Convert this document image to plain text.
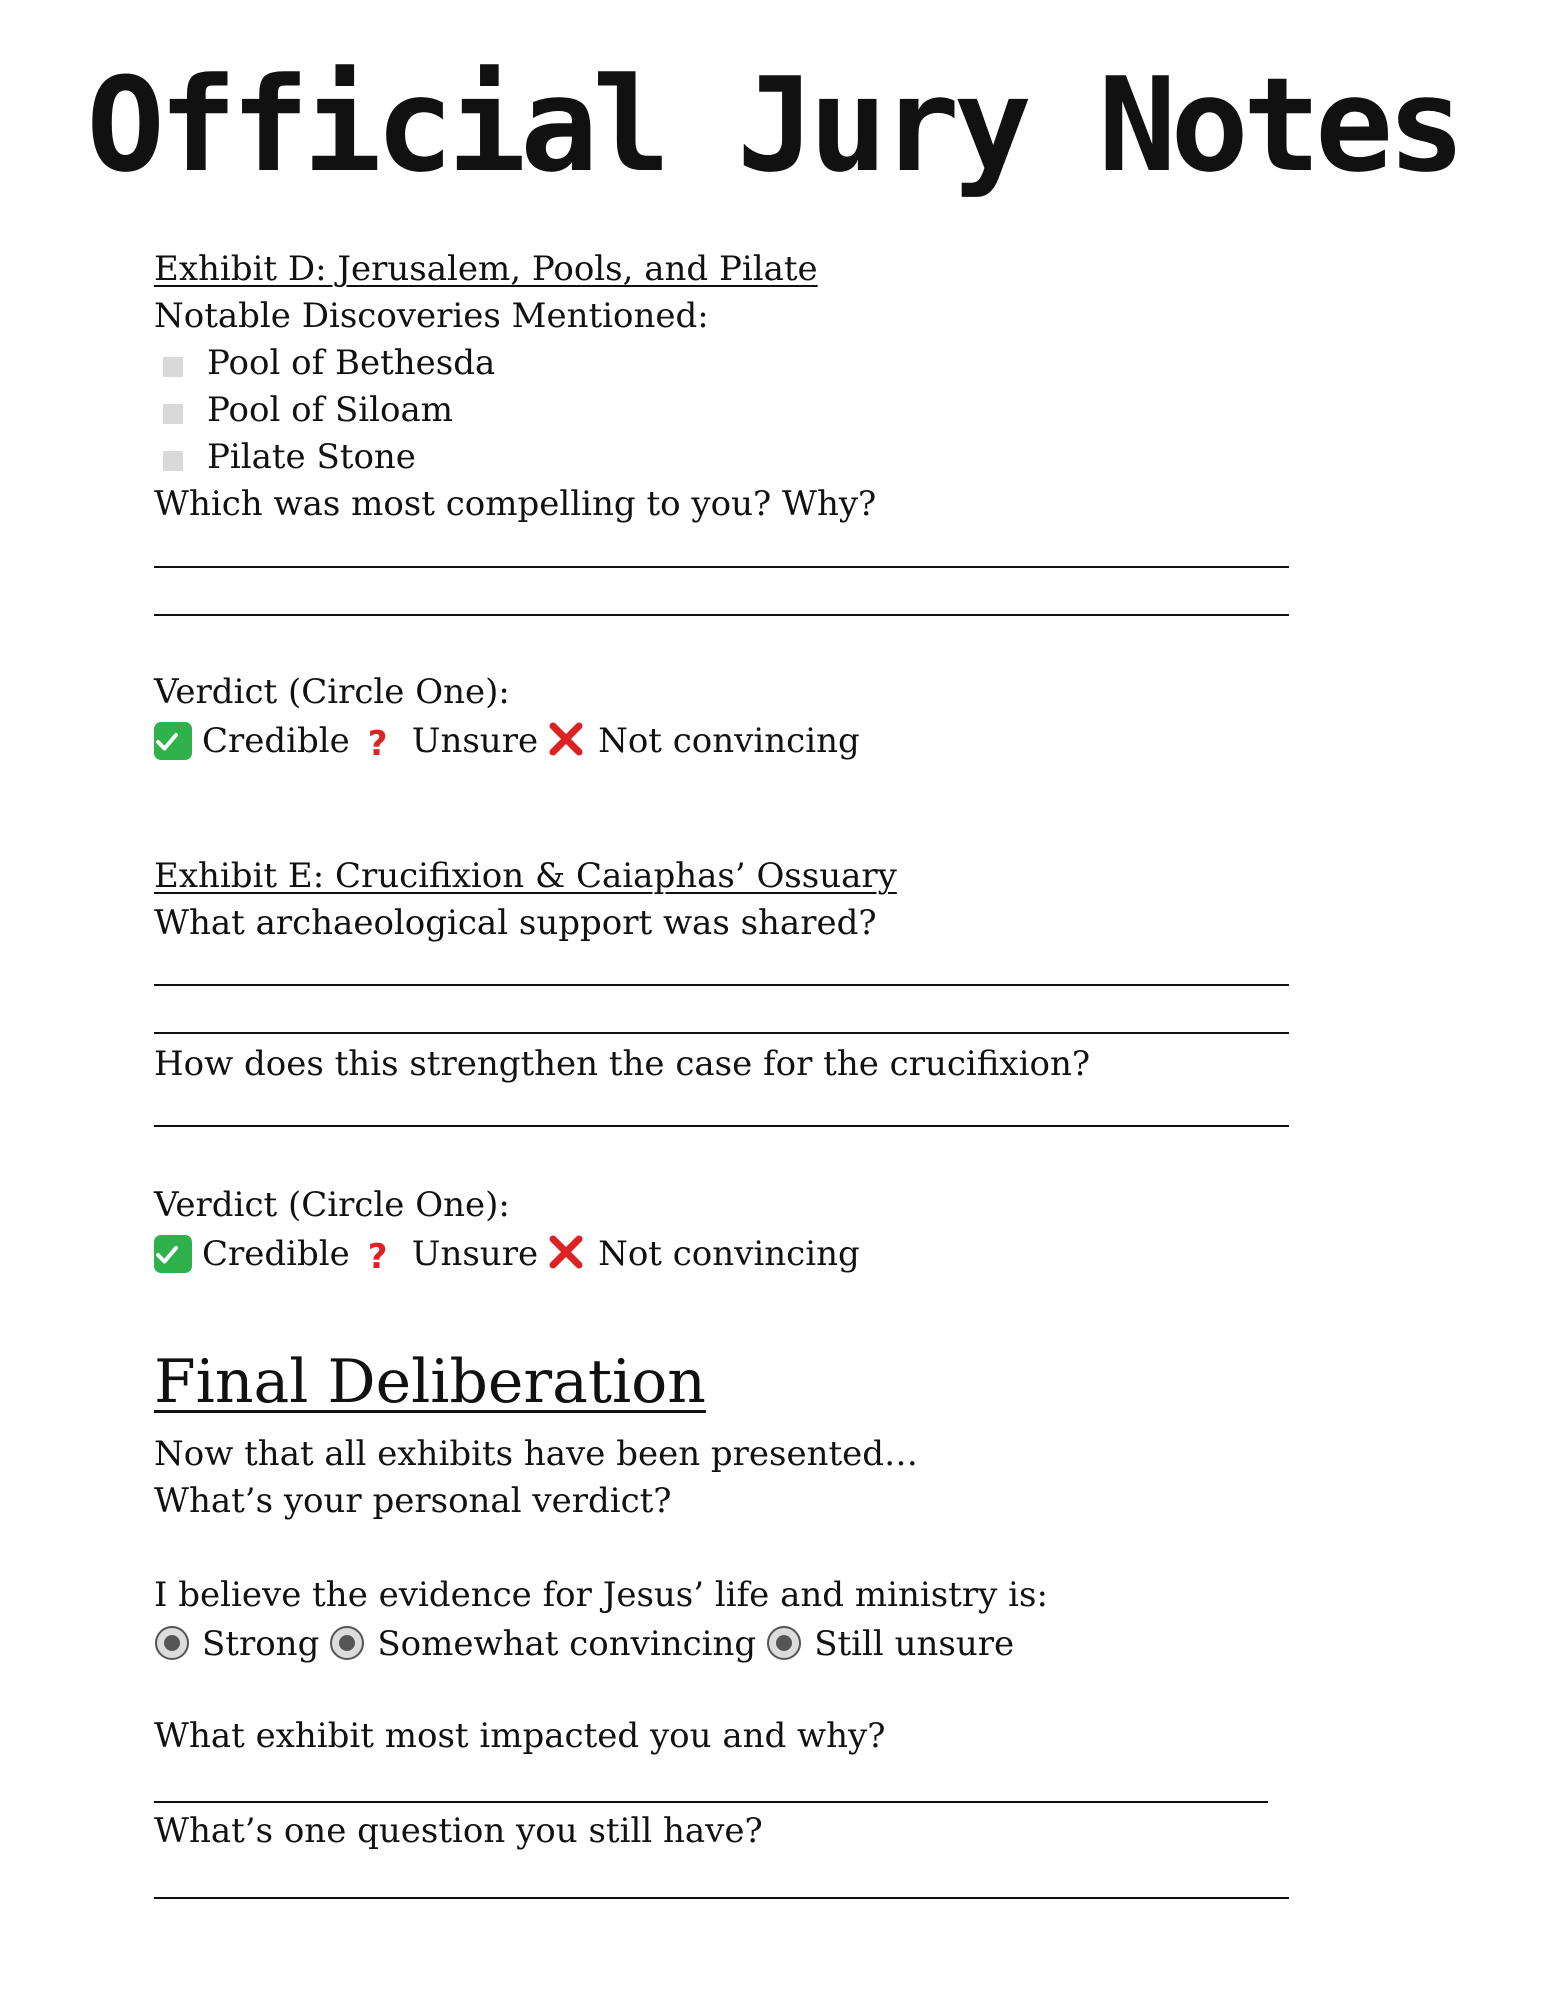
Official Jury Notes
Exhibit D: Jerusalem, Pools, and Pilate
Notable Discoveries Mentioned:
Pool of Bethesda
Pool of Siloam
Pilate Stone
Which was most compelling to you? Why?
Verdict (Circle One):
Credible ? Unsure Not convincing
Exhibit E: Crucifixion & Caiaphas’ Ossuary
What archaeological support was shared?
How does this strengthen the case for the crucifixion?
Verdict (Circle One):
Credible ? Unsure Not convincing
Final Deliberation
Now that all exhibits have been presented…
What’s your personal verdict?
I believe the evidence for Jesus’ life and ministry is:
Strong Somewhat convincing Still unsure
What exhibit most impacted you and why?
What’s one question you still have?
